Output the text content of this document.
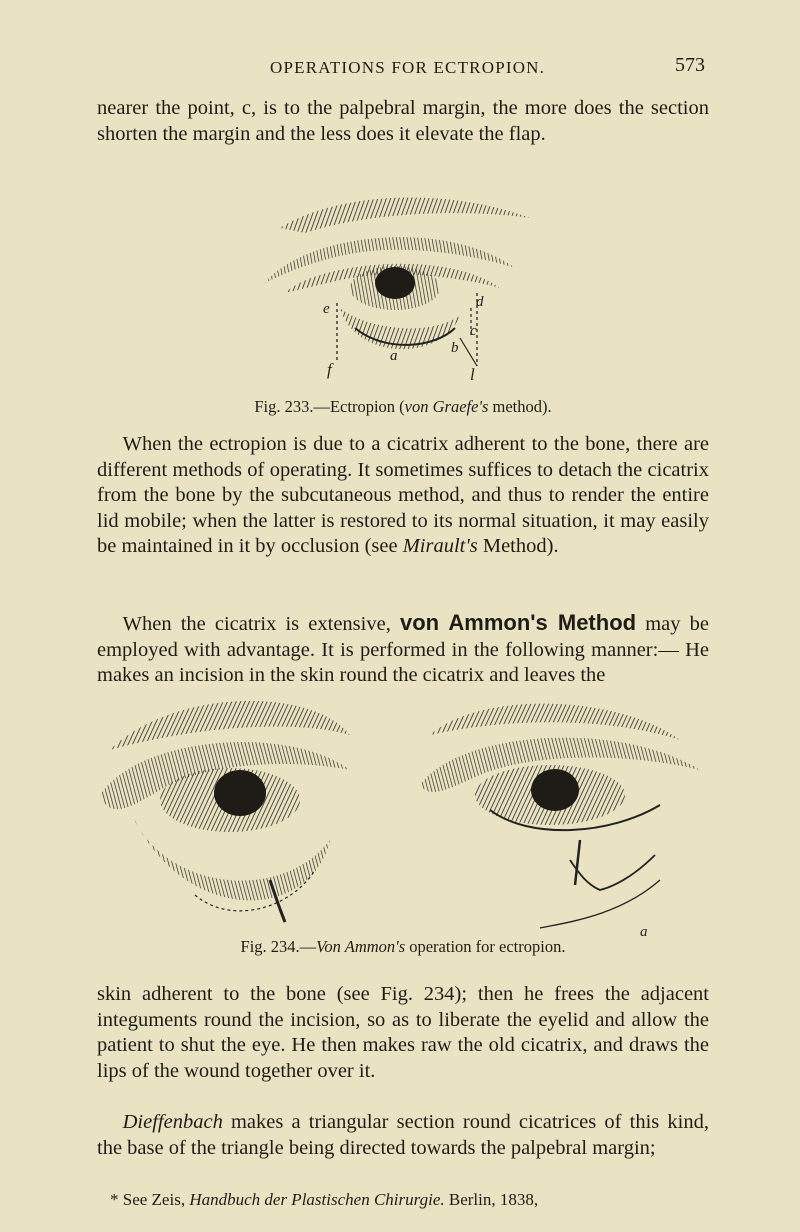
OPERATIONS FOR ECTROPION.	573

nearer the point, c, is to the palpebral margin, the more does the section shorten the margin and the less does it elevate the flap.

e	d
c
b
f
a
l
Fig. 233.—Ectropion (von Graefe's method).

When the ectropion is due to a cicatrix adherent to the bone, there are different methods of operating. It sometimes suffices to detach the cicatrix from the bone by the subcutaneous method, and thus to render the entire lid mobile; when the latter is restored to its normal situation, it may easily be maintained in it by occlusion (see Mirault's Method).

When the cicatrix is extensive, von Ammon's Method may be employed with advantage. It is performed in the following manner:— He makes an incision in the skin round the cicatrix and leaves the

a
Fig. 234.—Von Ammon's operation for ectropion.

skin adherent to the bone (see Fig. 234); then he frees the adjacent integuments round the incision, so as to liberate the eyelid and allow the patient to shut the eye. He then makes raw the old cicatrix, and draws the lips of the wound together over it.

Dieffenbach makes a triangular section round cicatrices of this kind, the base of the triangle being directed towards the palpebral margin;

* See Zeis, Handbuch der Plastischen Chirurgie. Berlin, 1838,
